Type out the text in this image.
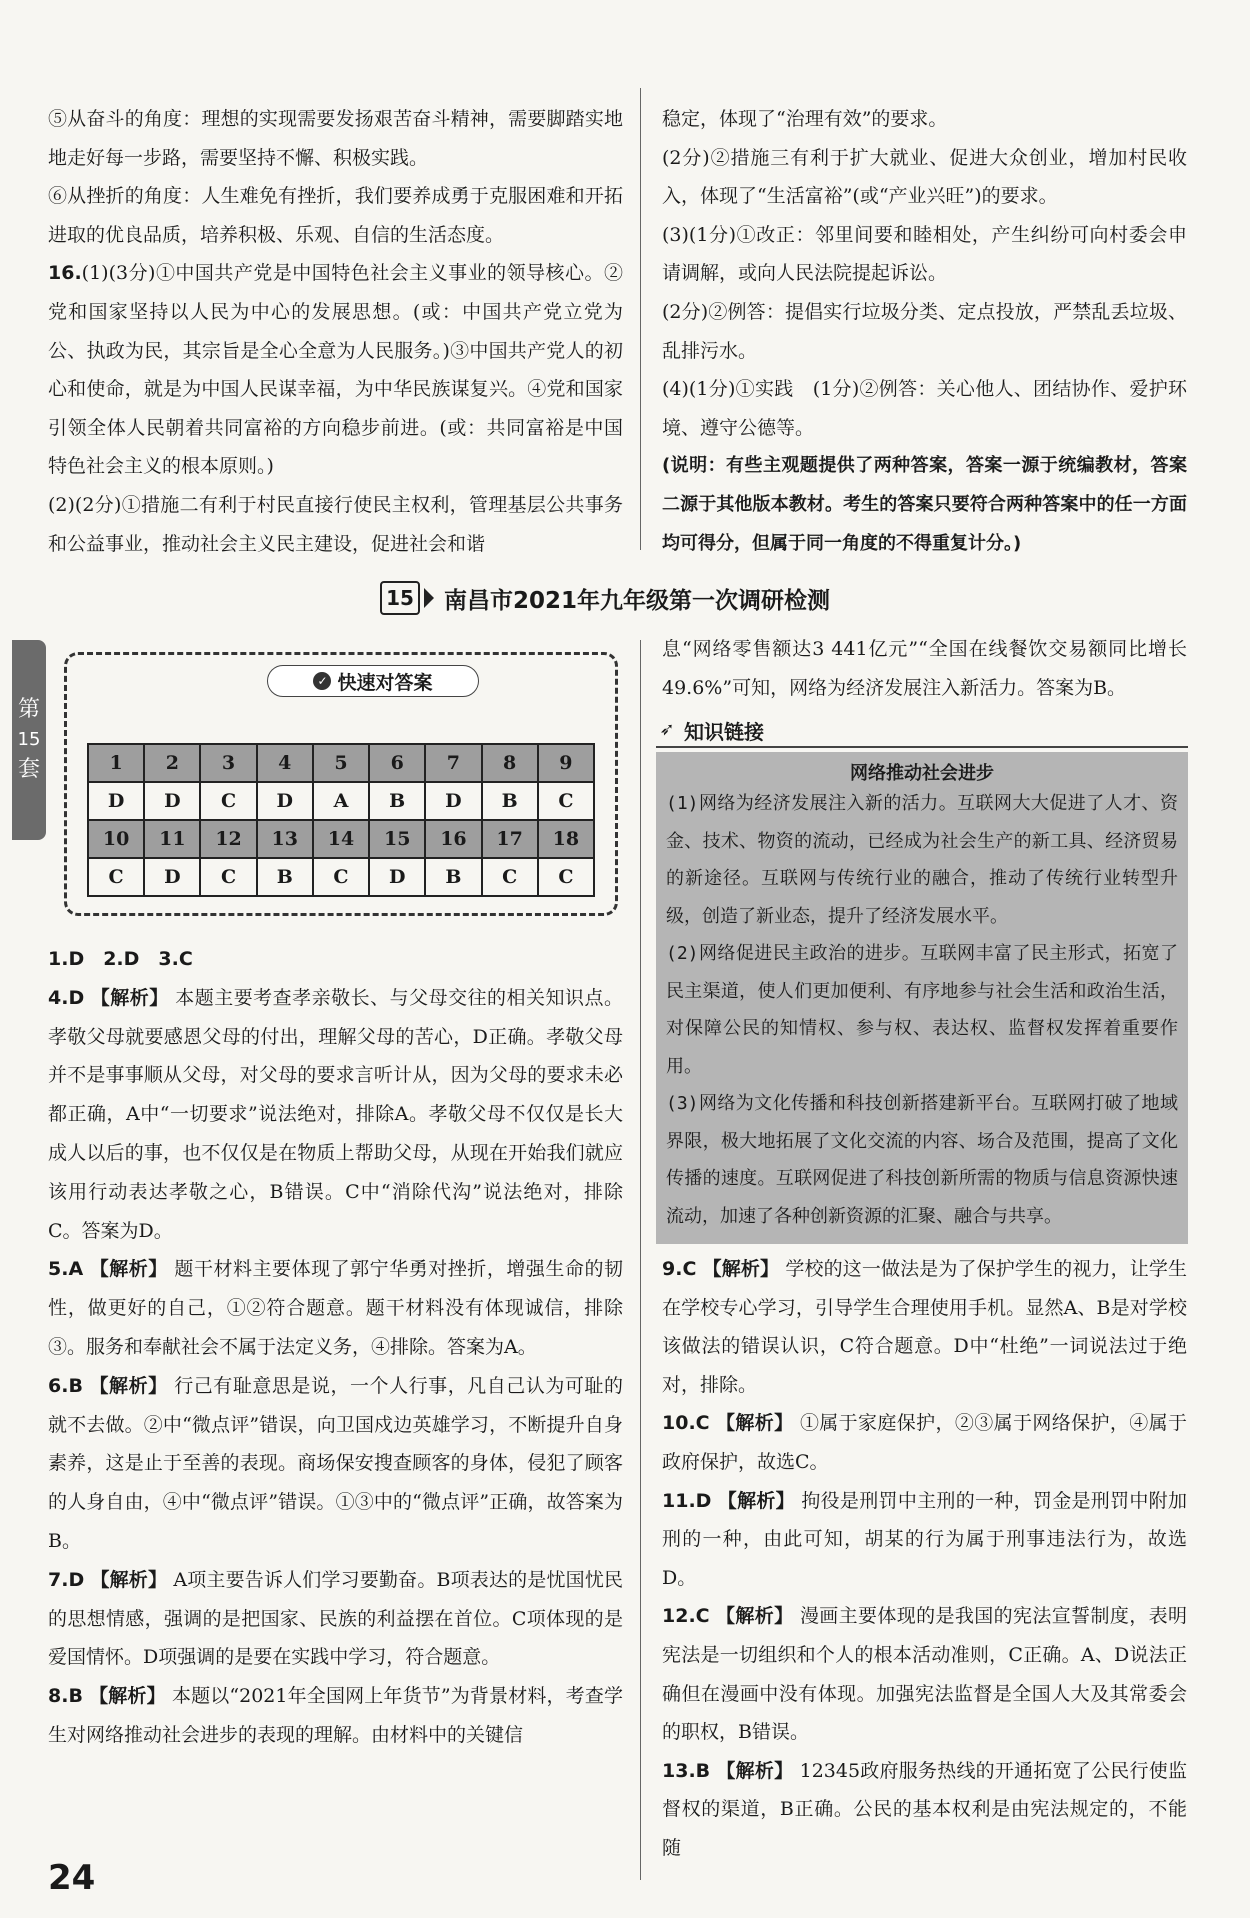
⑤从奋斗的角度：理想的实现需要发扬艰苦奋斗精神，需要脚踏实地地走好每一步路，需要坚持不懈、积极实践。

⑥从挫折的角度：人生难免有挫折，我们要养成勇于克服困难和开拓进取的优良品质，培养积极、乐观、自信的生活态度。

16.(1)(3分)①中国共产党是中国特色社会主义事业的领导核心。②党和国家坚持以人民为中心的发展思想。(或：中国共产党立党为公、执政为民，其宗旨是全心全意为人民服务。)③中国共产党人的初心和使命，就是为中国人民谋幸福，为中华民族谋复兴。④党和国家引领全体人民朝着共同富裕的方向稳步前进。(或：共同富裕是中国特色社会主义的根本原则。)

(2)(2分)①措施二有利于村民直接行使民主权利，管理基层公共事务和公益事业，推动社会主义民主建设，促进社会和谐

稳定，体现了“治理有效”的要求。

(2分)②措施三有利于扩大就业、促进大众创业，增加村民收入，体现了“生活富裕”(或“产业兴旺”)的要求。

(3)(1分)①改正：邻里间要和睦相处，产生纠纷可向村委会申请调解，或向人民法院提起诉讼。

(2分)②例答：提倡实行垃圾分类、定点投放，严禁乱丢垃圾、乱排污水。

(4)(1分)①实践　(1分)②例答：关心他人、团结协作、爱护环境、遵守公德等。

(说明：有些主观题提供了两种答案，答案一源于统编教材，答案二源于其他版本教材。考生的答案只要符合两种答案中的任一方面均可得分，但属于同一角度的不得重复计分。)

15 南昌市2021年九年级第一次调研检测
第
15
套
✓ 快速对答案
1	2	3	4	5	6	7	8	9
D	D	C	D	A	B	D	B	C
10	11	12	13	14	15	16	17	18
C	D	C	B	C	D	B	C	C

1.D　2.D　3.C

4.D 【解析】 本题主要考查孝亲敬长、与父母交往的相关知识点。孝敬父母就要感恩父母的付出，理解父母的苦心，D正确。孝敬父母并不是事事顺从父母，对父母的要求言听计从，因为父母的要求未必都正确，A中“一切要求”说法绝对，排除A。孝敬父母不仅仅是长大成人以后的事，也不仅仅是在物质上帮助父母，从现在开始我们就应该用行动表达孝敬之心，B错误。C中“消除代沟”说法绝对，排除C。答案为D。

5.A 【解析】 题干材料主要体现了郭宁华勇对挫折，增强生命的韧性，做更好的自己，①②符合题意。题干材料没有体现诚信，排除③。服务和奉献社会不属于法定义务，④排除。答案为A。

6.B 【解析】 行己有耻意思是说，一个人行事，凡自己认为可耻的就不去做。②中“微点评”错误，向卫国戍边英雄学习，不断提升自身素养，这是止于至善的表现。商场保安搜查顾客的身体，侵犯了顾客的人身自由，④中“微点评”错误。①③中的“微点评”正确，故答案为B。

7.D 【解析】 A项主要告诉人们学习要勤奋。B项表达的是忧国忧民的思想情感，强调的是把国家、民族的利益摆在首位。C项体现的是爱国情怀。D项强调的是要在实践中学习，符合题意。

8.B 【解析】 本题以“2021年全国网上年货节”为背景材料，考查学生对网络推动社会进步的表现的理解。由材料中的关键信

息“网络零售额达3 441亿元”“全国在线餐饮交易额同比增长49.6%”可知，网络为经济发展注入新活力。答案为B。

➶ 知识链接
网络推动社会进步

(1)网络为经济发展注入新的活力。互联网大大促进了人才、资金、技术、物资的流动，已经成为社会生产的新工具、经济贸易的新途径。互联网与传统行业的融合，推动了传统行业转型升级，创造了新业态，提升了经济发展水平。

(2)网络促进民主政治的进步。互联网丰富了民主形式，拓宽了民主渠道，使人们更加便利、有序地参与社会生活和政治生活，对保障公民的知情权、参与权、表达权、监督权发挥着重要作用。

(3)网络为文化传播和科技创新搭建新平台。互联网打破了地域界限，极大地拓展了文化交流的内容、场合及范围，提高了文化传播的速度。互联网促进了科技创新所需的物质与信息资源快速流动，加速了各种创新资源的汇聚、融合与共享。

9.C 【解析】 学校的这一做法是为了保护学生的视力，让学生在学校专心学习，引导学生合理使用手机。显然A、B是对学校该做法的错误认识，C符合题意。D中“杜绝”一词说法过于绝对，排除。

10.C 【解析】 ①属于家庭保护，②③属于网络保护，④属于政府保护，故选C。

11.D 【解析】 拘役是刑罚中主刑的一种，罚金是刑罚中附加刑的一种，由此可知，胡某的行为属于刑事违法行为，故选D。

12.C 【解析】 漫画主要体现的是我国的宪法宣誓制度，表明宪法是一切组织和个人的根本活动准则，C正确。A、D说法正确但在漫画中没有体现。加强宪法监督是全国人大及其常委会的职权，B错误。

13.B 【解析】 12345政府服务热线的开通拓宽了公民行使监督权的渠道，B正确。公民的基本权利是由宪法规定的，不能随

24
